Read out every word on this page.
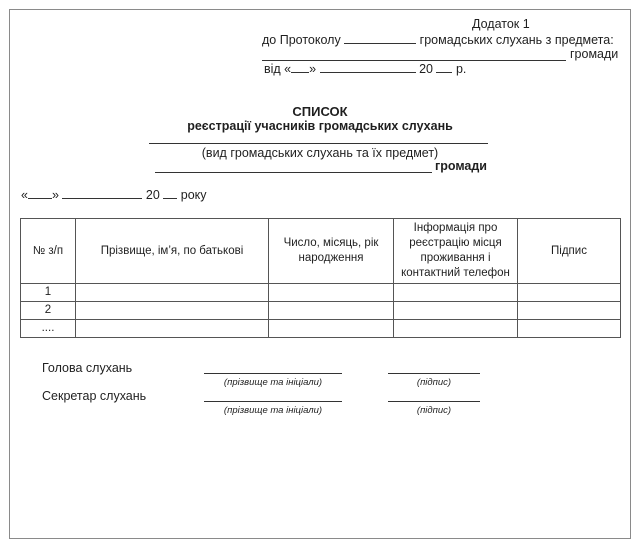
Додаток 1
до Протоколу	громадських слухань з предмета:
громади
від « »	20 р.
СПИСОК
реєстрації учасників громадських слухань
(вид громадських слухань та їх предмет)
громади
« »	20 року
№ з/п	Прізвище, ім’я, по батькові	Число, місяць, рік народження	Інформація про реєстрацію місця проживання і контактний телефон	Підпис
1				
2				
....				
Голова слухань
(прізвище та ініціали)	(підпис)
Секретар слухань
(прізвище та ініціали)	(підпис)
